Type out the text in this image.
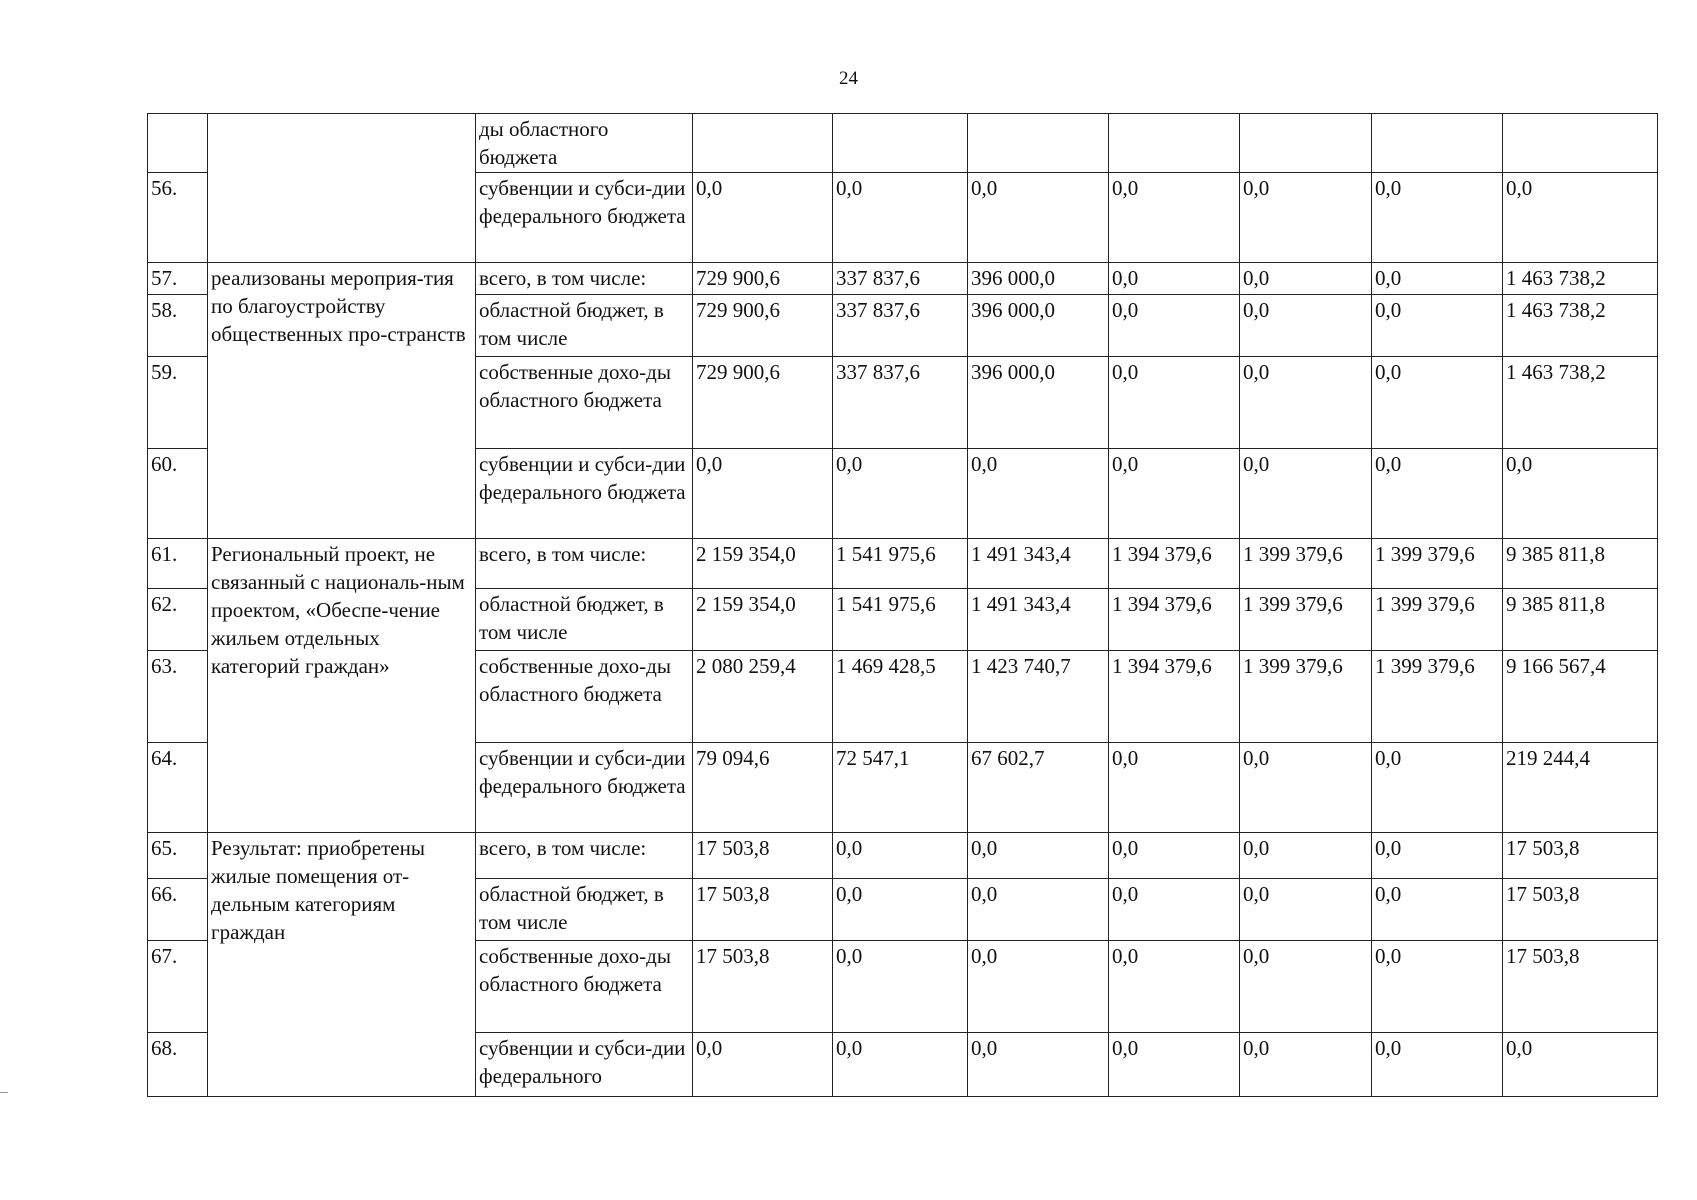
24
		ды областного бюджета							
56.		субвенции и субси-дии федерального бюджета	0,0	0,0	0,0	0,0	0,0	0,0	0,0
57.	реализованы мероприя-тия по благоустройству общественных про-странств	всего, в том числе:	729 900,6	337 837,6	396 000,0	0,0	0,0	0,0	1 463 738,2
58.		областной бюджет, в том числе	729 900,6	337 837,6	396 000,0	0,0	0,0	0,0	1 463 738,2
59.		собственные дохо-ды областного бюджета	729 900,6	337 837,6	396 000,0	0,0	0,0	0,0	1 463 738,2
60.		субвенции и субси-дии федерального бюджета	0,0	0,0	0,0	0,0	0,0	0,0	0,0
61.	Региональный проект, не связанный с националь-ным проектом, «Обеспе-чение жильем отдельных категорий граждан»	всего, в том числе:	2 159 354,0	1 541 975,6	1 491 343,4	1 394 379,6	1 399 379,6	1 399 379,6	9 385 811,8
62.		областной бюджет, в том числе	2 159 354,0	1 541 975,6	1 491 343,4	1 394 379,6	1 399 379,6	1 399 379,6	9 385 811,8
63.		собственные дохо-ды областного бюджета	2 080 259,4	1 469 428,5	1 423 740,7	1 394 379,6	1 399 379,6	1 399 379,6	9 166 567,4
64.		субвенции и субси-дии федерального бюджета	79 094,6	72 547,1	67 602,7	0,0	0,0	0,0	219 244,4
65.	Результат: приобретены жилые помещения от-дельным категориям граждан	всего, в том числе:	17 503,8	0,0	0,0	0,0	0,0	0,0	17 503,8
66.		областной бюджет, в том числе	17 503,8	0,0	0,0	0,0	0,0	0,0	17 503,8
67.		собственные дохо-ды областного бюджета	17 503,8	0,0	0,0	0,0	0,0	0,0	17 503,8
68.		субвенции и субси-дии федерального	0,0	0,0	0,0	0,0	0,0	0,0	0,0
